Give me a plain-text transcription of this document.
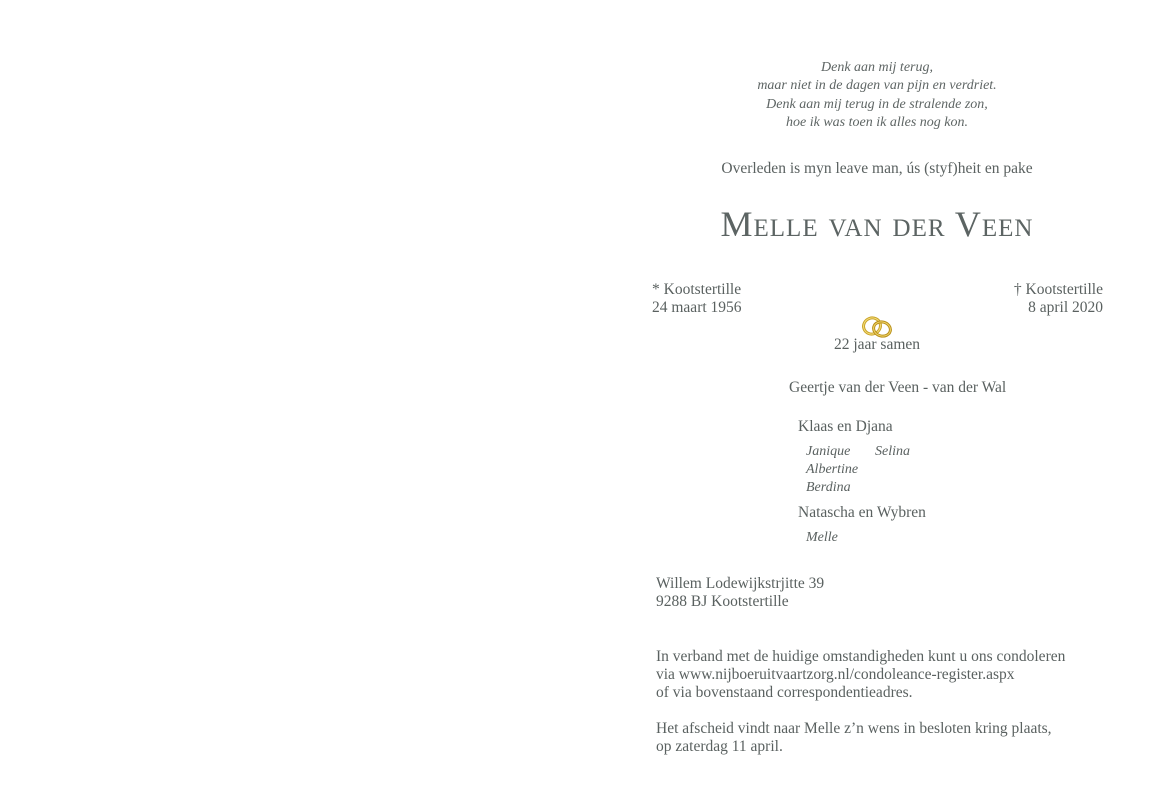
Denk aan mij terug,
maar niet in de dagen van pijn en verdriet.
Denk aan mij terug in de stralende zon,
hoe ik was toen ik alles nog kon.
Overleden is myn leave man, ús (styf)heit en pake
Melle van der Veen
* Kootstertille
24 maart 1956
† Kootstertille
8 april 2020
22 jaar samen
Geertje van der Veen - van der Wal
Klaas en Djana
Janique
Albertine
Berdina
Selina
Natascha en Wybren
Melle
Willem Lodewijkstrjitte 39
9288 BJ Kootstertille
In verband met de huidige omstandigheden kunt u ons condoleren
via www.nijboeruitvaartzorg.nl/condoleance-register.aspx
of via bovenstaand correspondentieadres.
Het afscheid vindt naar Melle z’n wens in besloten kring plaats,
op zaterdag 11 april.
